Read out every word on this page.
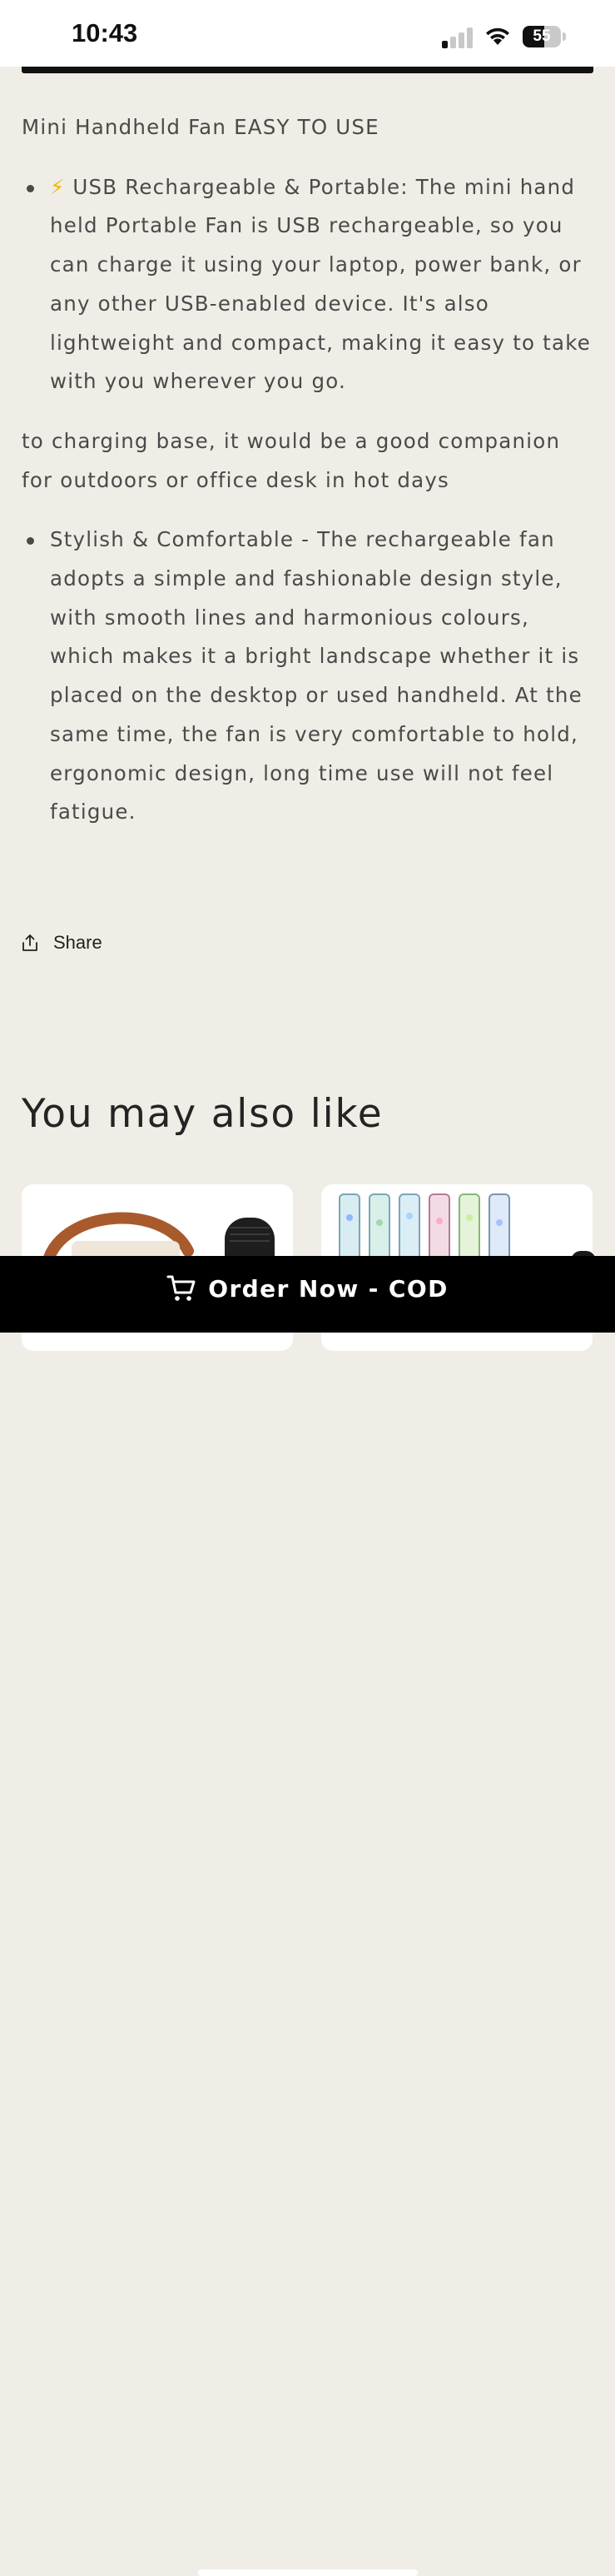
10:43	55

Mini Handheld Fan EASY TO USE

⚡ USB Rechargeable & Portable: The mini hand held Portable Fan is USB rechargeable, so you can charge it using your laptop, power bank, or any other USB-enabled device. It's also lightweight and compact, making it easy to take with you wherever you go.

to charging base, it would be a good companion for outdoors or office desk in hot days

Stylish & Comfortable - The rechargeable fan adopts a simple and fashionable design style, with smooth lines and harmonious colours, which makes it a bright landscape whether it is placed on the desktop or used handheld. At the same time, the fan is very comfortable to hold, ergonomic design, long time use will not feel fatigue.
Share
You may also like
Order Now - COD
